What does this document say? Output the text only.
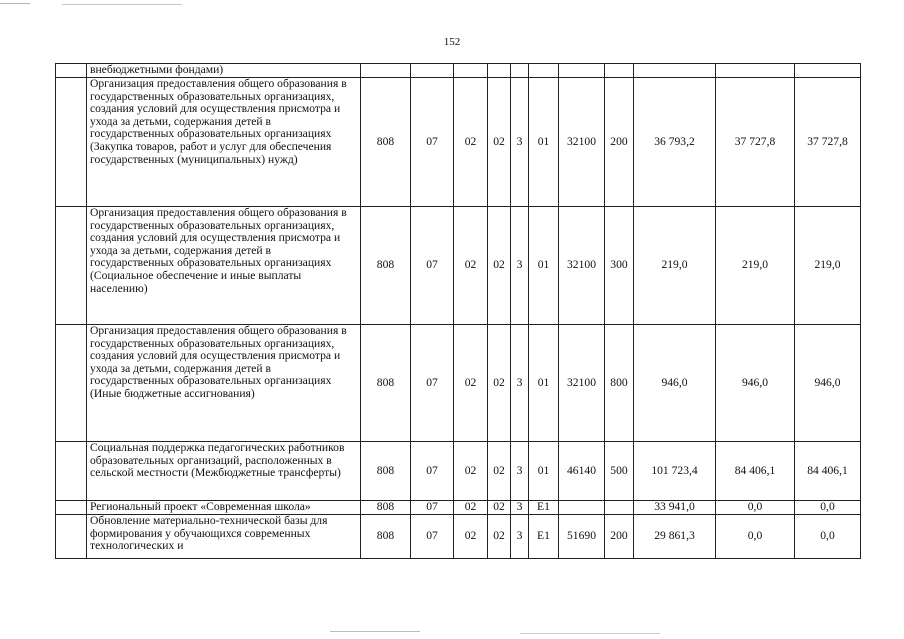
152
	внебюджетными фондами)											
	Организация предоставления общего образования в государственных образовательных организациях, создания условий для осуществления присмотра и ухода за детьми, содержания детей в государственных образовательных организациях (Закупка товаров, работ и услуг для обеспечения государственных (муниципальных) нужд)	808	07	02	02	3	01	32100	200	36 793,2	37 727,8	37 727,8
	Организация предоставления общего образования в государственных образовательных организациях, создания условий для осуществления присмотра и ухода за детьми, содержания детей в государственных образовательных организациях (Социальное обеспечение и иные выплаты населению)	808	07	02	02	3	01	32100	300	219,0	219,0	219,0
	Организация предоставления общего образования в государственных образовательных организациях, создания условий для осуществления присмотра и ухода за детьми, содержания детей в государственных образовательных организациях (Иные бюджетные ассигнования)	808	07	02	02	3	01	32100	800	946,0	946,0	946,0
	Социальная поддержка педагогических работников образовательных организаций, расположенных в сельской местности (Межбюджетные трансферты)	808	07	02	02	3	01	46140	500	101 723,4	84 406,1	84 406,1
	Региональный проект «Современная школа»	808	07	02	02	3	E1			33 941,0	0,0	0,0
	Обновление материально-технической базы для формирования у обучающихся современных технологических и	808	07	02	02	3	E1	51690	200	29 861,3	0,0	0,0
